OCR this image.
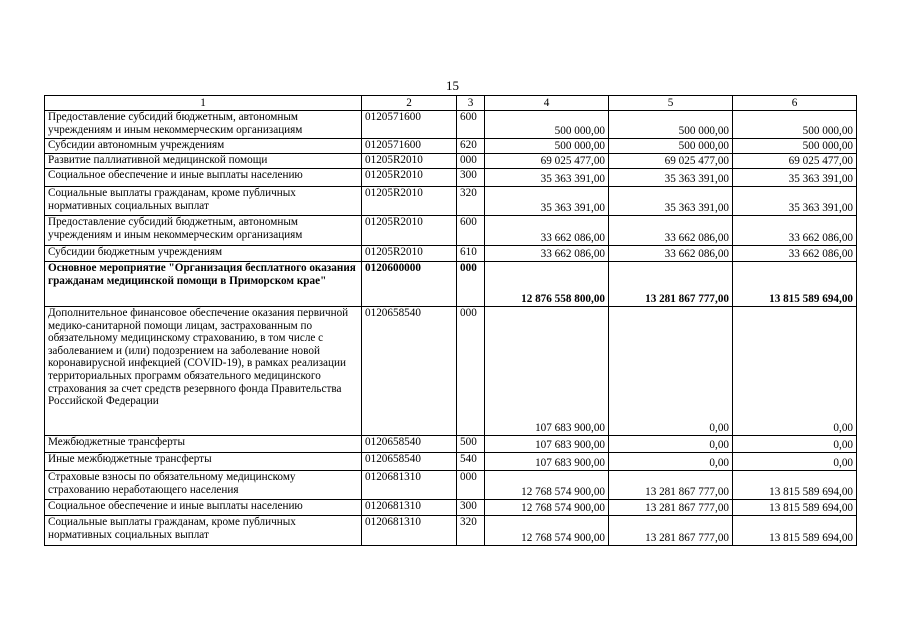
15
1	2	3	4	5	6
Предоставление субсидий бюджетным, автономным учреждениям и иным некоммерческим организациям	0120571600	600	500 000,00	500 000,00	500 000,00
Субсидии автономным учреждениям	0120571600	620	500 000,00	500 000,00	500 000,00
Развитие паллиативной медицинской помощи	01205R2010	000	69 025 477,00	69 025 477,00	69 025 477,00
Социальное обеспечение и иные выплаты населению	01205R2010	300	35 363 391,00	35 363 391,00	35 363 391,00
Социальные выплаты гражданам, кроме публичных нормативных социальных выплат	01205R2010	320	35 363 391,00	35 363 391,00	35 363 391,00
Предоставление субсидий бюджетным, автономным учреждениям и иным некоммерческим организациям	01205R2010	600	33 662 086,00	33 662 086,00	33 662 086,00
Субсидии бюджетным учреждениям	01205R2010	610	33 662 086,00	33 662 086,00	33 662 086,00
Основное мероприятие "Организация бесплатного оказания гражданам медицинской помощи в Приморском крае"	0120600000	000	12 876 558 800,00	13 281 867 777,00	13 815 589 694,00
Дополнительное финансовое обеспечение оказания первичной медико-санитарной помощи лицам, застрахованным по обязательному медицинскому страхованию, в том числе с заболеванием и (или) подозрением на заболевание новой коронавирусной инфекцией (COVID-19), в рамках реализации территориальных программ обязательного медицинского страхования за счет средств резервного фонда Правительства Российской Федерации	0120658540	000	107 683 900,00	0,00	0,00
Межбюджетные трансферты	0120658540	500	107 683 900,00	0,00	0,00
Иные межбюджетные трансферты	0120658540	540	107 683 900,00	0,00	0,00
Страховые взносы по обязательному медицинскому страхованию неработающего населения	0120681310	000	12 768 574 900,00	13 281 867 777,00	13 815 589 694,00
Социальное обеспечение и иные выплаты населению	0120681310	300	12 768 574 900,00	13 281 867 777,00	13 815 589 694,00
Социальные выплаты гражданам, кроме публичных нормативных социальных выплат	0120681310	320	12 768 574 900,00	13 281 867 777,00	13 815 589 694,00
